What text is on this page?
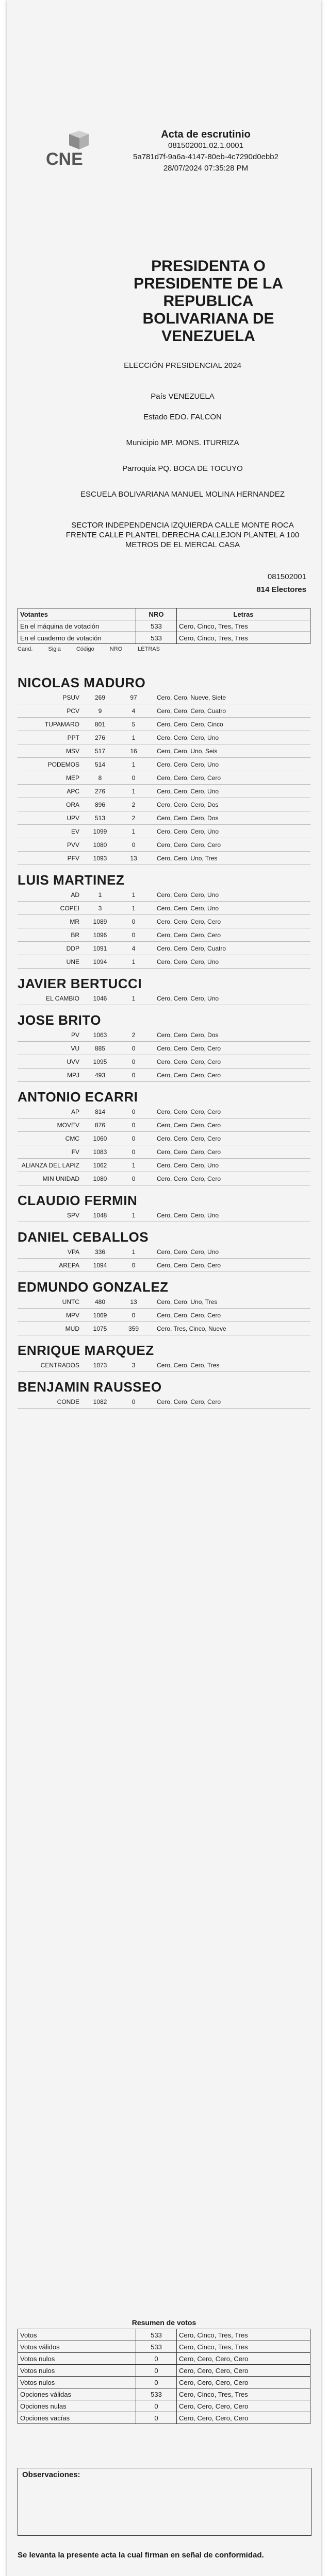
CNE
Acta de escrutinio
081502001.02.1.0001
5a781d7f-9a6a-4147-80eb-4c7290d0ebb2
28/07/2024 07:35:28 PM
PRESIDENTA O PRESIDENTE DE LA REPUBLICA BOLIVARIANA DE VENEZUELA
ELECCIÓN PRESIDENCIAL 2024
País VENEZUELA
Estado EDO. FALCON
Municipio MP. MONS. ITURRIZA
Parroquia PQ. BOCA DE TOCUYO
ESCUELA BOLIVARIANA MANUEL MOLINA HERNANDEZ
SECTOR INDEPENDENCIA IZQUIERDA CALLE MONTE ROCA FRENTE CALLE PLANTEL DERECHA CALLEJON PLANTEL A 100 METROS DE EL MERCAL CASA
081502001
814 Electores
Votantes	NRO	Letras
En el máquina de votación	533	Cero, Cinco, Tres, Tres
En el cuaderno de votación	533	Cero, Cinco, Tres, Tres
Cand.	Sigla	Código	NRO	LETRAS
NICOLAS MADURO
PSUV	269	97	Cero, Cero, Nueve, Siete
PCV	9	4	Cero, Cero, Cero, Cuatro
TUPAMARO	801	5	Cero, Cero, Cero, Cinco
PPT	276	1	Cero, Cero, Cero, Uno
MSV	517	16	Cero, Cero, Uno, Seis
PODEMOS	514	1	Cero, Cero, Cero, Uno
MEP	8	0	Cero, Cero, Cero, Cero
APC	276	1	Cero, Cero, Cero, Uno
ORA	896	2	Cero, Cero, Cero, Dos
UPV	513	2	Cero, Cero, Cero, Dos
EV	1099	1	Cero, Cero, Cero, Uno
PVV	1080	0	Cero, Cero, Cero, Cero
PFV	1093	13	Cero, Cero, Uno, Tres
LUIS MARTINEZ
AD	1	1	Cero, Cero, Cero, Uno
COPEI	3	1	Cero, Cero, Cero, Uno
MR	1089	0	Cero, Cero, Cero, Cero
BR	1096	0	Cero, Cero, Cero, Cero
DDP	1091	4	Cero, Cero, Cero, Cuatro
UNE	1094	1	Cero, Cero, Cero, Uno
JAVIER BERTUCCI
EL CAMBIO	1046	1	Cero, Cero, Cero, Uno
JOSE BRITO
PV	1063	2	Cero, Cero, Cero, Dos
VU	885	0	Cero, Cero, Cero, Cero
UVV	1095	0	Cero, Cero, Cero, Cero
MPJ	493	0	Cero, Cero, Cero, Cero
ANTONIO ECARRI
AP	814	0	Cero, Cero, Cero, Cero
MOVEV	876	0	Cero, Cero, Cero, Cero
CMC	1060	0	Cero, Cero, Cero, Cero
FV	1083	0	Cero, Cero, Cero, Cero
ALIANZA DEL LAPIZ	1062	1	Cero, Cero, Cero, Uno
MIN UNIDAD	1080	0	Cero, Cero, Cero, Cero
CLAUDIO FERMIN
SPV	1048	1	Cero, Cero, Cero, Uno
DANIEL CEBALLOS
VPA	336	1	Cero, Cero, Cero, Uno
AREPA	1094	0	Cero, Cero, Cero, Cero
EDMUNDO GONZALEZ
UNTC	480	13	Cero, Cero, Uno, Tres
MPV	1069	0	Cero, Cero, Cero, Cero
MUD	1075	359	Cero, Tres, Cinco, Nueve
ENRIQUE MARQUEZ
CENTRADOS	1073	3	Cero, Cero, Cero, Tres
BENJAMIN RAUSSEO
CONDE	1082	0	Cero, Cero, Cero, Cero
Resumen de votos
Votos	533	Cero, Cinco, Tres, Tres
Votos válidos	533	Cero, Cinco, Tres, Tres
Votos nulos	0	Cero, Cero, Cero, Cero
Votos nulos	0	Cero, Cero, Cero, Cero
Votos nulos	0	Cero, Cero, Cero, Cero
Opciones válidas	533	Cero, Cinco, Tres, Tres
Opciones nulas	0	Cero, Cero, Cero, Cero
Opciones vacías	0	Cero, Cero, Cero, Cero
Observaciones:
Se levanta la presente acta la cual firman en señal de conformidad.
